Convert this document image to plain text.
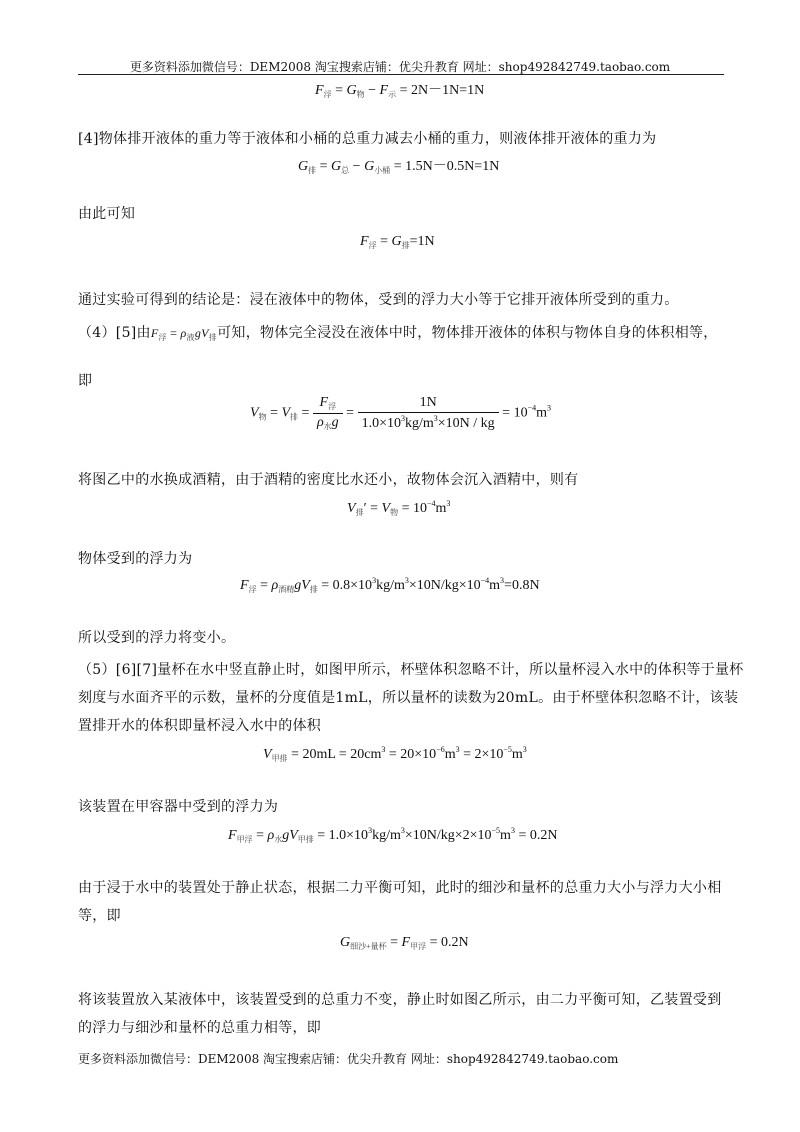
更多资料添加微信号：DEM2008 淘宝搜索店铺：优尖升教育 网址：shop492842749.taobao.com
$F_浮 = G_物 - F_示 = 2N-1N=1N$
[4]物体排开液体的重力等于液体和小桶的总重力减去小桶的重力，则液体排开液体的重力为
$G_排 = G_总 - G_{小桶} = 1.5N-0.5N=1N$
由此可知
$F_浮 = G_排=1N$
通过实验可得到的结论是：浸在液体中的物体，受到的浮力大小等于它排开液体所受到的重力。
（4）[5]由$F_浮 = \rho_液gV_排$可知，物体完全浸没在液体中时，物体排开液体的体积与物体自身的体积相等，
即
$V_物 = V_排 = \frac{F_浮}{\rho_水g} = \frac{1N}{1.0\times 10^3kg/m^3\times 10N / kg} = 10^{-4}m^3$
将图乙中的水换成酒精，由于酒精的密度比水还小，故物体会沉入酒精中，则有
$V_排' = V_物 = 10^{-4}m^3$
物体受到的浮力为
$F_浮 = \rho_{酒精}gV_排 = 0.8\times 10^3kg/m^3\times 10N/kg\times 10^{-4}m^3=0.8N$
所以受到的浮力将变小。
（5）[6][7]量杯在水中竖直静止时，如图甲所示，杯壁体积忽略不计，所以量杯浸入水中的体积等于量杯
刻度与水面齐平的示数，量杯的分度值是1mL，所以量杯的读数为20mL。由于杯壁体积忽略不计，该装
置排开水的体积即量杯浸入水中的体积
$V_{甲排} = 20mL = 20cm^3 = 20\times 10^{-6}m^3 = 2\times 10^{-5}m^3$
该装置在甲容器中受到的浮力为
$F_{甲浮} = \rho_水gV_{甲排} = 1.0\times 10^3kg/m^3\times 10N/kg\times 2\times 10^{-5}m^3 = 0.2N$
由于浸于水中的装置处于静止状态，根据二力平衡可知，此时的细沙和量杯的总重力大小与浮力大小相
等，即
$G_{细沙+量杯} = F_{甲浮} = 0.2N$
将该装置放入某液体中，该装置受到的总重力不变，静止时如图乙所示，由二力平衡可知，乙装置受到
的浮力与细沙和量杯的总重力相等，即
更多资料添加微信号：DEM2008 淘宝搜索店铺：优尖升教育 网址：shop492842749.taobao.com
